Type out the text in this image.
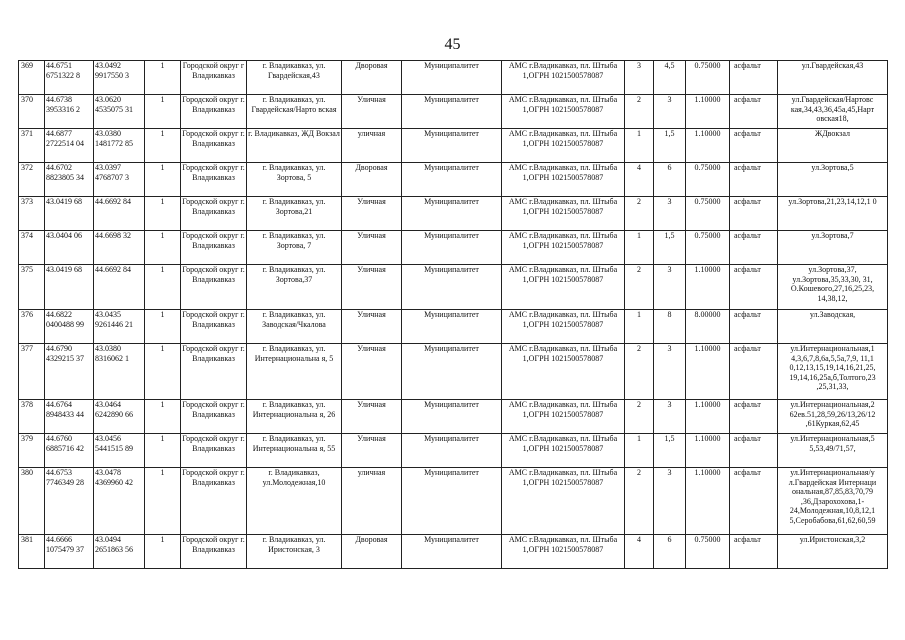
45
369	44.6751 6751322 8	43.0492 9917550 3	1	Городской округ г Владикавказ	г. Владикавказ, ул. Гвардейская,43	Дворовая	Муниципалитет	АМС г.Владикавказ, пл. Штыба 1,ОГРН 1021500578087	3	4,5	0.75000	асфальт	ул.Гвардейская,43
370	44.6738 3953316 2	43.0620 4535075 31	1	Городской округ г. Владикавказ	г. Владикавказ, ул. Гвардейская/Нарто вская	Уличная	Муниципалитет	АМС г.Владикавказ, пл. Штыба 1,ОГРН 1021500578087	2	3	1.10000	асфальт	ул.Гвардейская/Нартовс кая,34,43,36,45а,45,Нарт овская18,
371	44.6877 2722514 04	43.0380 1481772 85	1	Городской округ г. Владикавказ	г. Владикавказ, ЖД Вокзал	уличная	Муниципалитет	АМС г.Владикавказ, пл. Штыба 1,ОГРН 1021500578087	1	1,5	1.10000	асфальт	ЖДвокзал
372	44.6702 8823805 34	43.0397 4768707 3	1	Городской округ г. Владикавказ	г. Владикавказ, ул. Зортова, 5	Дворовая	Муниципалитет	АМС г.Владикавказ, пл. Штыба 1,ОГРН 1021500578087	4	6	0.75000	асфальт	ул.Зортова,5
373	43.0419 68	44.6692 84	1	Городской округ г. Владикавказ	г. Владикавказ, ул. Зортова,21	Уличная	Муниципалитет	АМС г.Владикавказ, пл. Штыба 1,ОГРН 1021500578087	2	3	0.75000	асфальт	ул.Зортова,21,23,14,12,1 0
374	43.0404 06	44.6698 32	1	Городской округ г. Владикавказ	г. Владикавказ, ул. Зортова, 7	Уличная	Муниципалитет	АМС г.Владикавказ, пл. Штыба 1,ОГРН 1021500578087	1	1,5	0.75000	асфальт	ул.Зортова,7
375	43.0419 68	44.6692 84	1	Городской округ г. Владикавказ	г. Владикавказ, ул. Зортова,37	Уличная	Муниципалитет	АМС г.Владикавказ, пл. Штыба 1,ОГРН 1021500578087	2	3	1.10000	асфальт	ул.Зортова,37, ул.Зортова,35,33,30, 31, О.Кошевого,27,16,25,23, 14,38,12,
376	44.6822 0400488 99	43.0435 9261446 21	1	Городской округ г. Владикавказ	г. Владикавказ, ул. Заводская/Чкалова	Уличная	Муниципалитет	АМС г.Владикавказ, пл. Штыба 1,ОГРН 1021500578087	1	8	8.00000	асфальт	ул.Заводская,
377	44.6790 4329215 37	43.0380 8316062 1	1	Городской округ г. Владикавказ	г. Владикавказ, ул. Интернациональна я, 5	Уличная	Муниципалитет	АМС г.Владикавказ, пл. Штыба 1,ОГРН 1021500578087	2	3	1.10000	асфальт	ул.Интернациональная,1 4,3,6,7,8,6а,5,5а,7,9, 11,1 0,12,13,15,19,14,16,21,25, 19,14,16,25а,б,Толтого,23 ,25,31,33,
378	44.6764 8948433 44	43.0464 6242890 66	1	Городской округ г. Владикавказ	г. Владикавказ, ул. Интернациональна я, 26	Уличная	Муниципалитет	АМС г.Владикавказ, пл. Штыба 1,ОГРН 1021500578087	2	3	1.10000	асфальт	ул.Интернациональная,2 62ев.51,28,59,26/13,26/12 ,61Куркая,62,45
379	44.6760 6885716 42	43.0456 5441515 89	1	Городской округ г. Владикавказ	г. Владикавказ, ул. Интернациональна я, 55	Уличная	Муниципалитет	АМС г.Владикавказ, пл. Штыба 1,ОГРН 1021500578087	1	1,5	1.10000	асфальт	ул.Интернациональная,5 5,53,49/71,57,
380	44.6753 7746349 28	43.0478 4369960 42	1	Городской округ г. Владикавказ	г. Владикавказ, ул.Молодежная,10	уличная	Муниципалитет	АМС г.Владикавказ, пл. Штыба 1,ОГРН 1021500578087	2	3	1.10000	асфальт	ул.Интернациональная/у л.Гвардейская Интернаци ональная,87,85,83,70,79 ,36,Дзарохохова,1-24,Молодежная,10,8,12,1 5,Серобабова,61,62,60,59
381	44.6666 1075479 37	43.0494 2651863 56	1	Городской округ г. Владикавказ	г. Владикавказ, ул. Иристонская, 3	Дворовая	Муниципалитет	АМС г.Владикавказ, пл. Штыба 1,ОГРН 1021500578087	4	6	0.75000	асфальт	ул.Иристонская,3,2
